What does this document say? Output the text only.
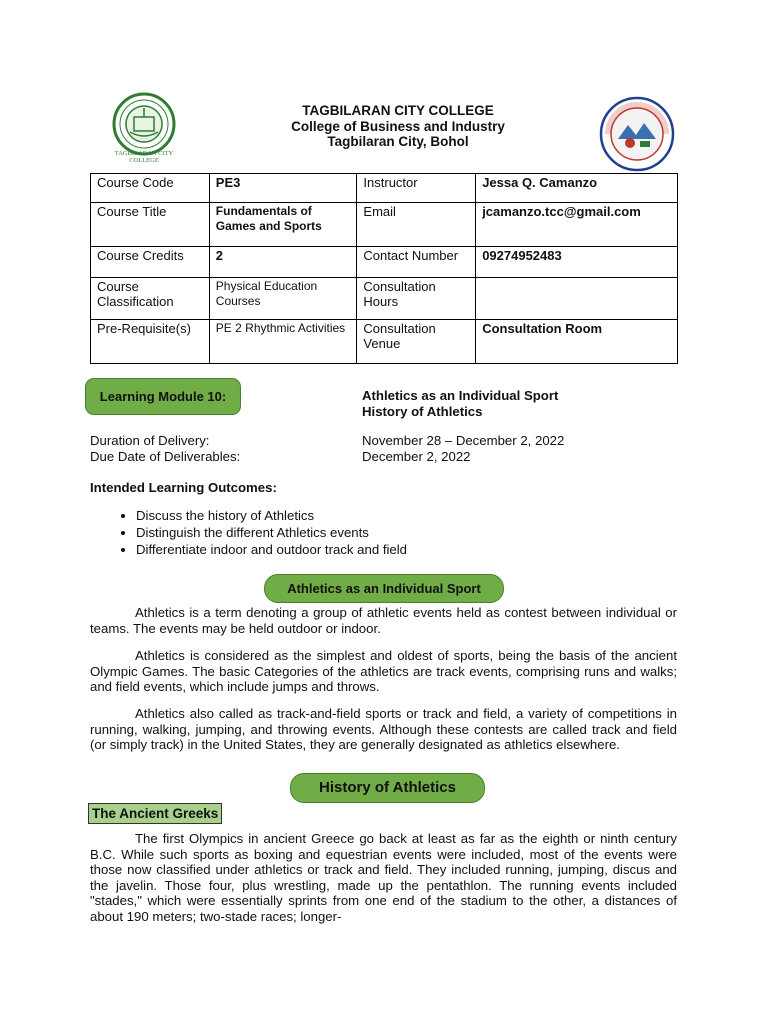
TAGBILARAN CITY COLLEGE
TAGBILARAN CITY COLLEGE
College of Business and Industry
Tagbilaran City, Bohol
Course Code	PE3	Instructor	Jessa Q. Camanzo
Course Title	Fundamentals of Games and Sports	Email	jcamanzo.tcc@gmail.com
Course Credits	2	Contact Number	09274952483
Course Classification	Physical Education Courses	Consultation Hours	
Pre-Requisite(s)	PE 2 Rhythmic Activities	Consultation Venue	Consultation Room
Learning Module 10:	Athletics as an Individual Sport
History of Athletics
Duration of Delivery:	November 28 – December 2, 2022
Due Date of Deliverables:	December 2, 2022
Intended Learning Outcomes:
• Discuss the history of Athletics
• Distinguish the different Athletics events
• Differentiate indoor and outdoor track and field
Athletics as an Individual Sport
Athletics is a term denoting a group of athletic events held as contest between individual or teams. The events may be held outdoor or indoor.
Athletics is considered as the simplest and oldest of sports, being the basis of the ancient Olympic Games. The basic Categories of the athletics are track events, comprising runs and walks; and field events, which include jumps and throws.
Athletics also called as track-and-field sports or track and field, a variety of competitions in running, walking, jumping, and throwing events. Although these contests are called track and field (or simply track) in the United States, they are generally designated as athletics elsewhere.
History of Athletics
The Ancient Greeks
The first Olympics in ancient Greece go back at least as far as the eighth or ninth century B.C. While such sports as boxing and equestrian events were included, most of the events were those now classified under athletics or track and field. They included running, jumping, discus and the javelin. Those four, plus wrestling, made up the pentathlon. The running events included "stades," which were essentially sprints from one end of the stadium to the other, a distances of about 190 meters; two-stade races; longer-
